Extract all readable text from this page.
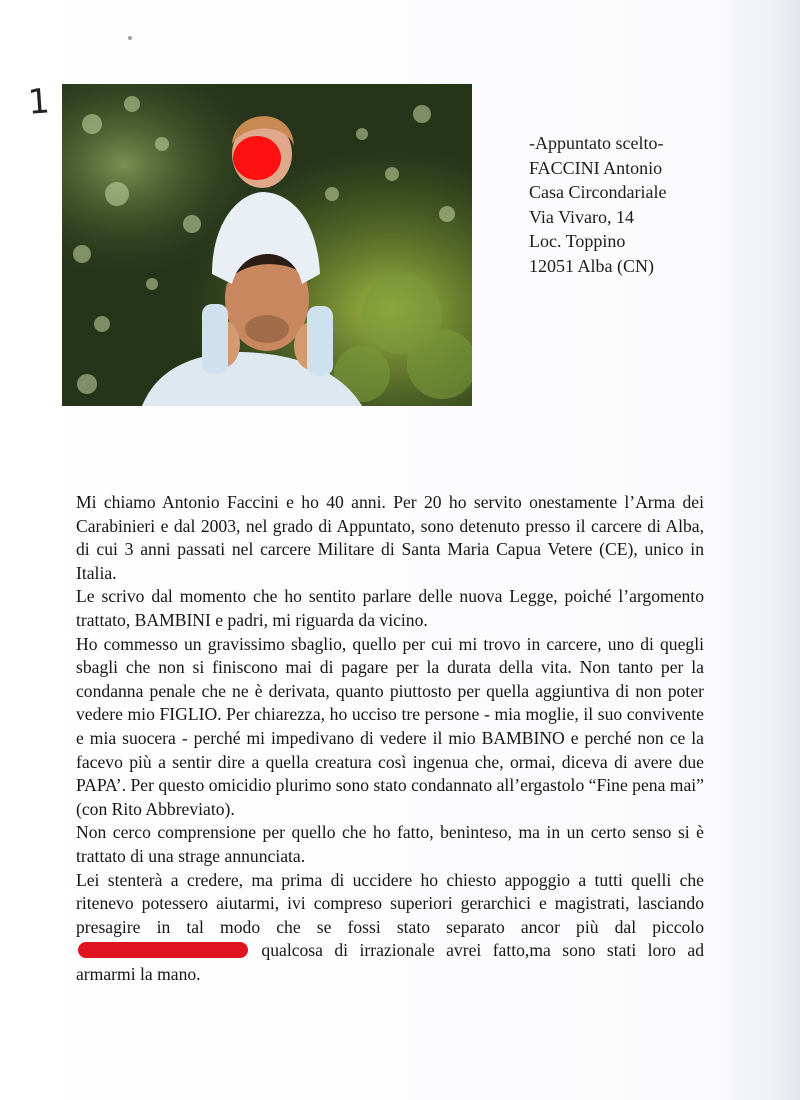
1
-Appuntato scelto-
FACCINI Antonio
Casa Circondariale
Via Vivaro, 14
Loc. Toppino
12051 Alba (CN)

Mi chiamo Antonio Faccini e ho 40 anni. Per 20 ho servito onestamente l’Arma dei Carabinieri e dal 2003, nel grado di Appuntato, sono detenuto presso il carcere di Alba, di cui 3 anni passati nel carcere Militare di Santa Maria Capua Vetere (CE), unico in Italia.

Le scrivo dal momento che ho sentito parlare delle nuova Legge, poiché l’argomento trattato, BAMBINI e padri, mi riguarda da vicino.

Ho commesso un gravissimo sbaglio, quello per cui mi trovo in carcere, uno di quegli sbagli che non si finiscono mai di pagare per la durata della vita. Non tanto per la condanna penale che ne è derivata, quanto piuttosto per quella aggiuntiva di non poter vedere mio FIGLIO. Per chiarezza, ho ucciso tre persone - mia moglie, il suo convivente e mia suocera - perché mi impedivano di vedere il mio BAMBINO e perché non ce la facevo più a sentir dire a quella creatura così ingenua che, ormai, diceva di avere due PAPA’. Per questo omicidio plurimo sono stato condannato all’ergastolo “Fine pena mai” (con Rito Abbreviato).

Non cerco comprensione per quello che ho fatto, beninteso, ma in un certo senso si è trattato di una strage annunciata.

Lei stenterà a credere, ma prima di uccidere ho chiesto appoggio a tutti quelli che ritenevo potessero aiutarmi, ivi compreso superiori gerarchici e magistrati, lasciando presagire in tal modo che se fossi stato separato ancor più dal piccolo  qualcosa di irrazionale avrei fatto,ma sono stati loro ad armarmi la mano.
